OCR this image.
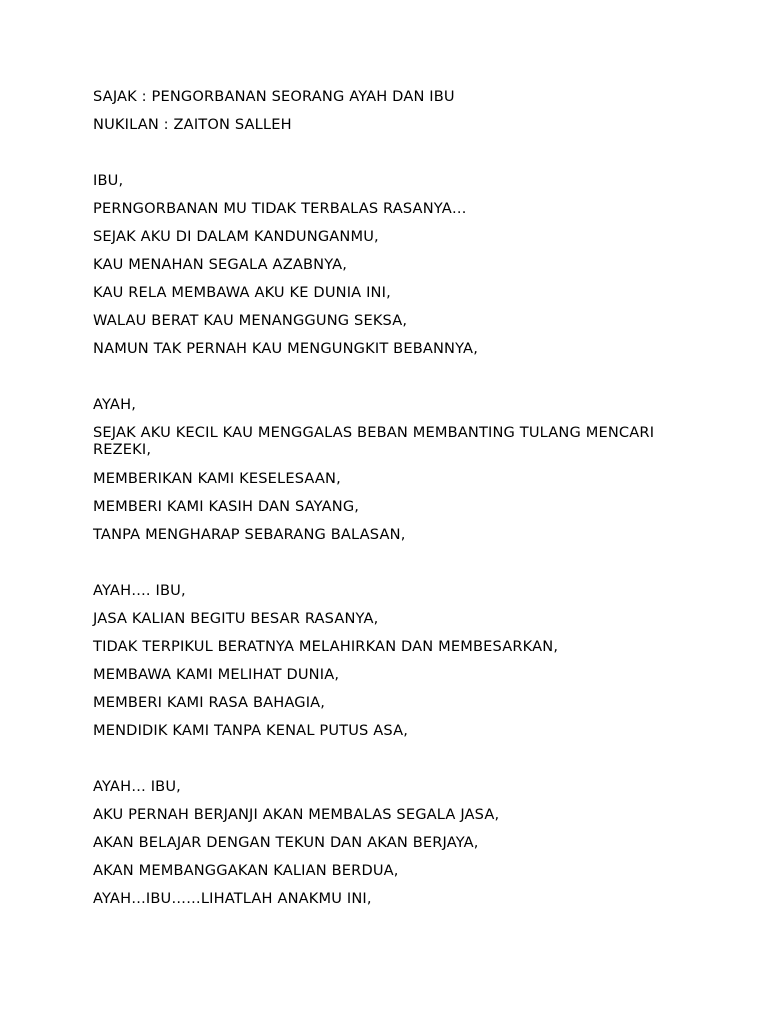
SAJAK : PENGORBANAN SEORANG AYAH DAN IBU
NUKILAN : ZAITON SALLEH
IBU,
PERNGORBANAN MU TIDAK TERBALAS RASANYA…
SEJAK AKU DI DALAM KANDUNGANMU,
KAU MENAHAN SEGALA AZABNYA,
KAU RELA MEMBAWA AKU KE DUNIA INI,
WALAU BERAT KAU MENANGGUNG SEKSA,
NAMUN TAK PERNAH KAU MENGUNGKIT BEBANNYA,
AYAH,
SEJAK AKU KECIL KAU MENGGALAS BEBAN MEMBANTING TULANG MENCARI REZEKI,
MEMBERIKAN KAMI KESELESAAN,
MEMBERI KAMI KASIH DAN SAYANG,
TANPA MENGHARAP SEBARANG BALASAN,
AYAH…. IBU,
JASA KALIAN BEGITU BESAR RASANYA,
TIDAK TERPIKUL BERATNYA MELAHIRKAN DAN MEMBESARKAN,
MEMBAWA KAMI MELIHAT DUNIA,
MEMBERI KAMI RASA BAHAGIA,
MENDIDIK KAMI TANPA KENAL PUTUS ASA,
AYAH… IBU,
AKU PERNAH BERJANJI AKAN MEMBALAS SEGALA JASA,
AKAN BELAJAR DENGAN TEKUN DAN AKAN BERJAYA,
AKAN MEMBANGGAKAN KALIAN BERDUA,
AYAH…IBU……LIHATLAH ANAKMU INI,
